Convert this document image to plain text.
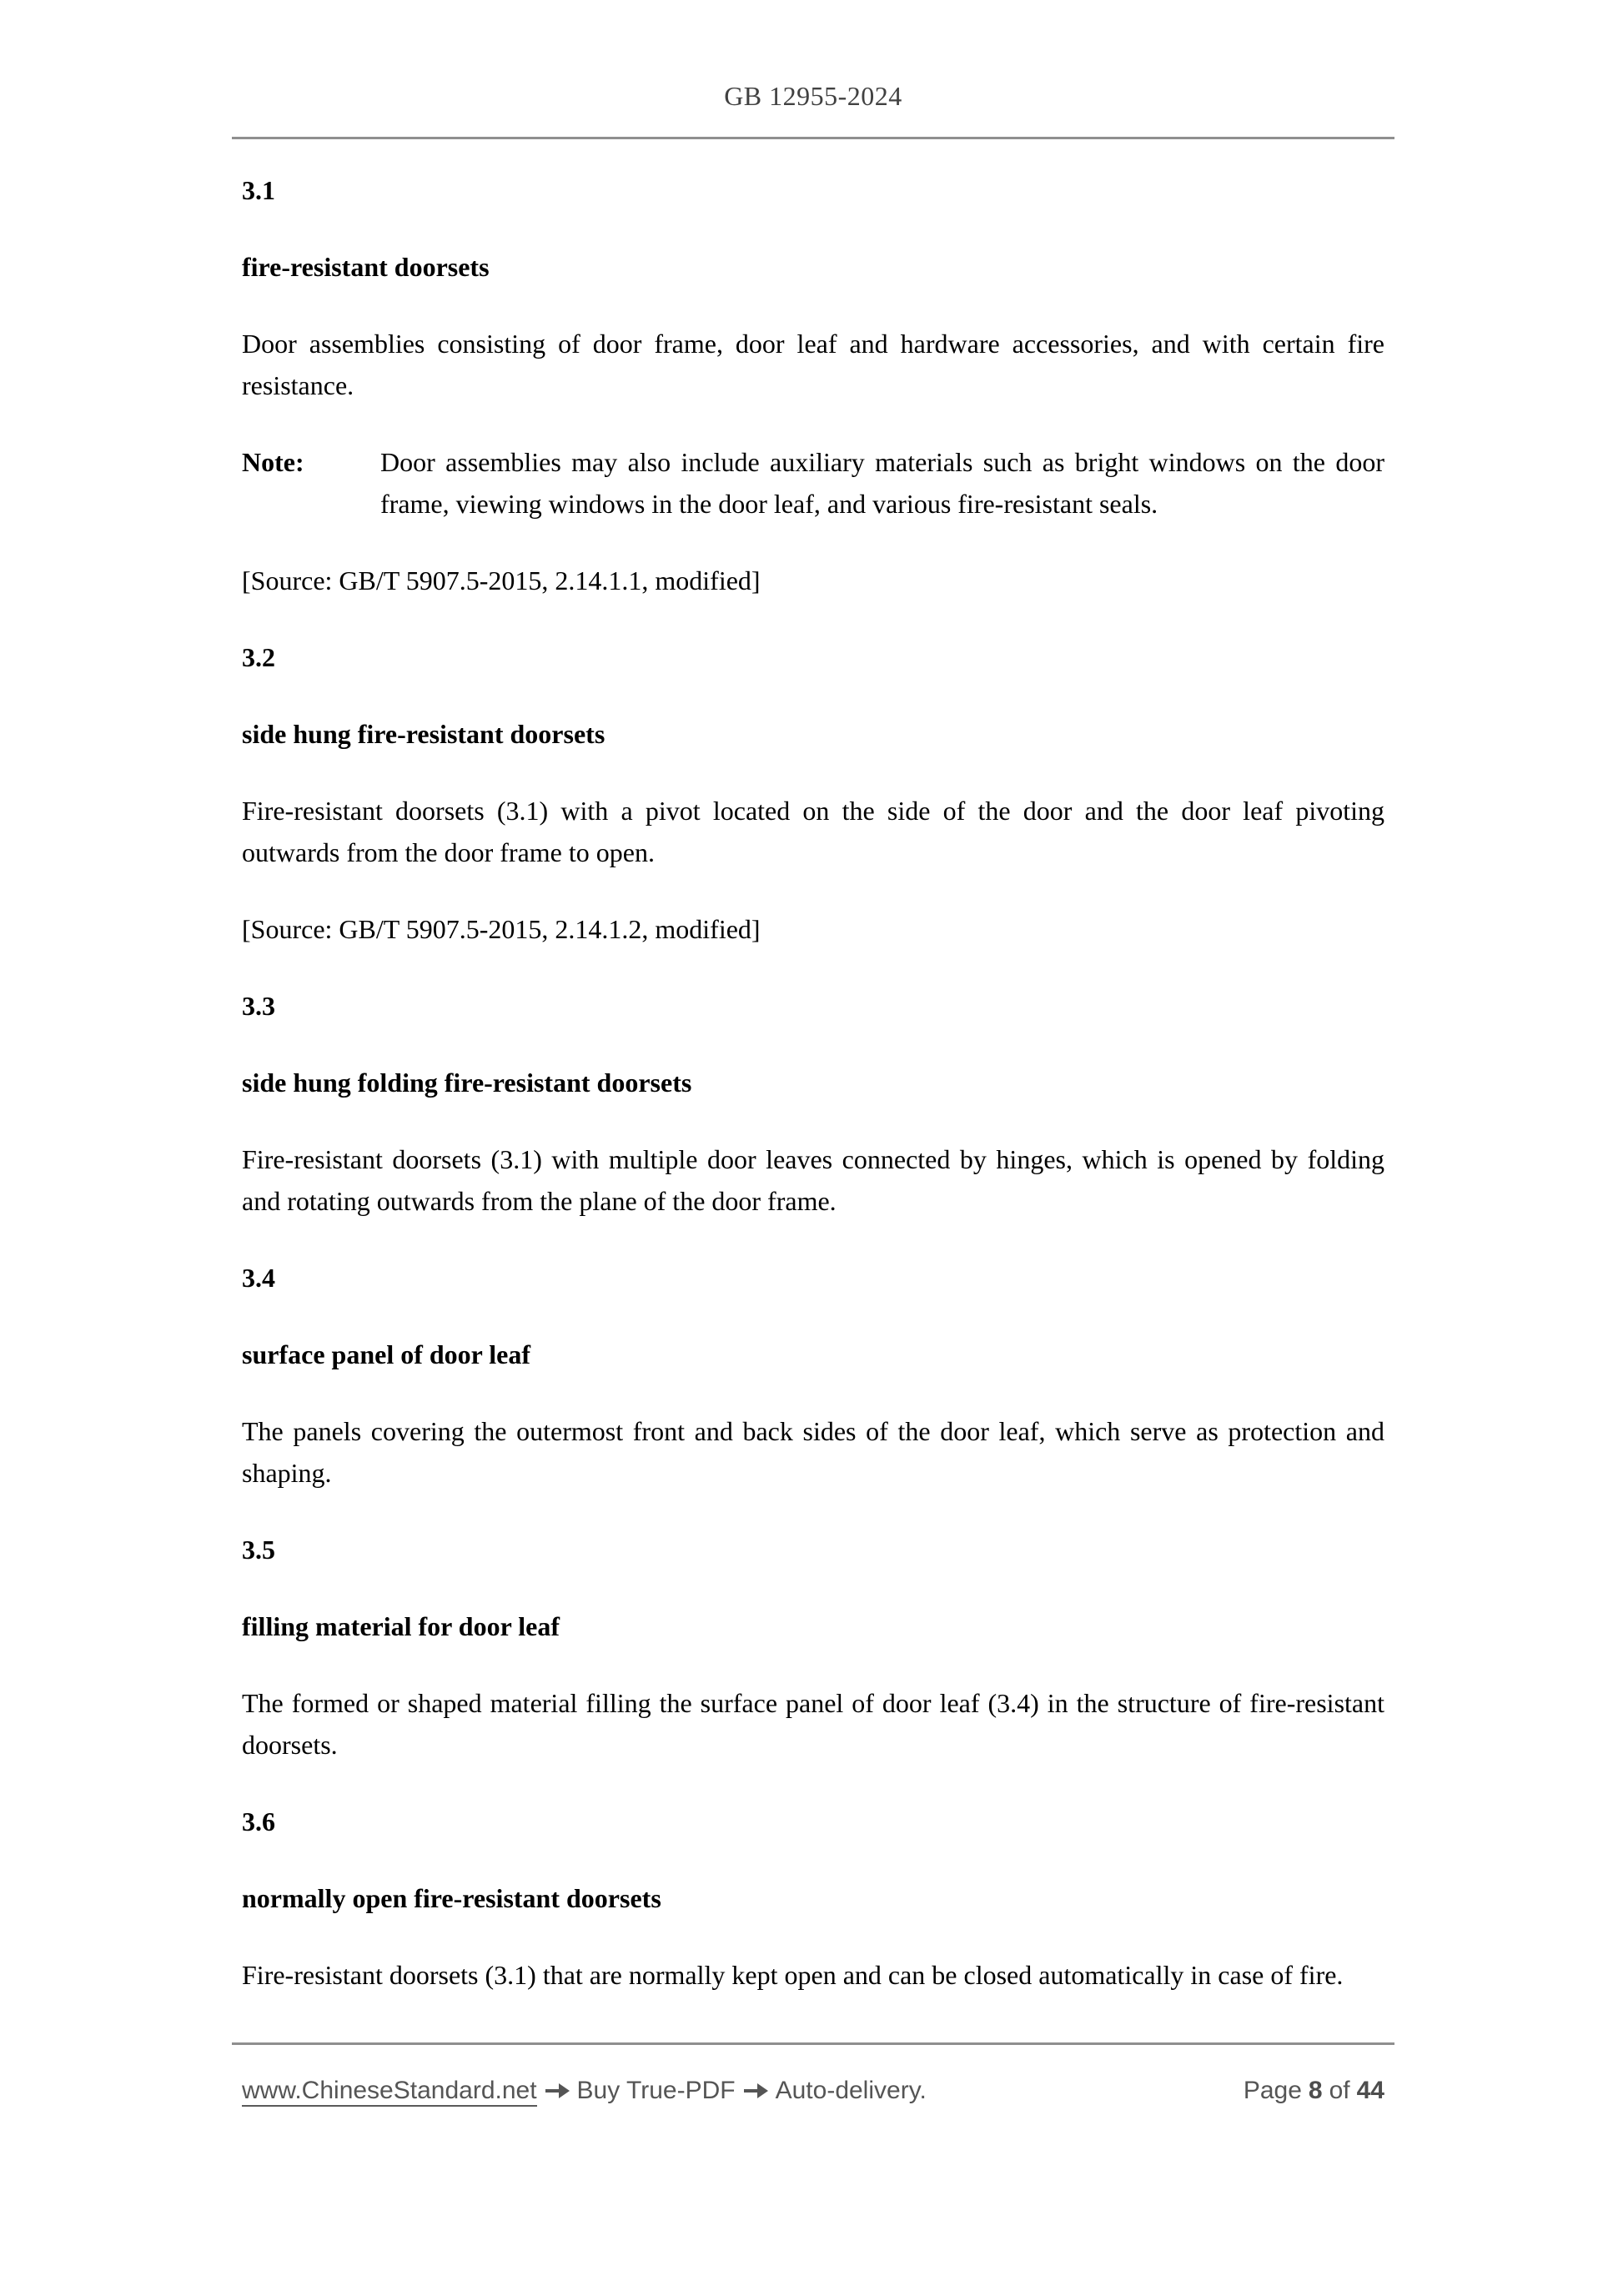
GB 12955-2024
3.1
fire-resistant doorsets
Door assemblies consisting of door frame, door leaf and hardware accessories, and with certain fire resistance.
Note:	Door assemblies may also include auxiliary materials such as bright windows on the door frame, viewing windows in the door leaf, and various fire-resistant seals.
[Source: GB/T 5907.5-2015, 2.14.1.1, modified]
3.2
side hung fire-resistant doorsets
Fire-resistant doorsets (3.1) with a pivot located on the side of the door and the door leaf pivoting outwards from the door frame to open.
[Source: GB/T 5907.5-2015, 2.14.1.2, modified]
3.3
side hung folding fire-resistant doorsets
Fire-resistant doorsets (3.1) with multiple door leaves connected by hinges, which is opened by folding and rotating outwards from the plane of the door frame.
3.4
surface panel of door leaf
The panels covering the outermost front and back sides of the door leaf, which serve as protection and shaping.
3.5
filling material for door leaf
The formed or shaped material filling the surface panel of door leaf (3.4) in the structure of fire-resistant doorsets.
3.6
normally open fire-resistant doorsets
Fire-resistant doorsets (3.1) that are normally kept open and can be closed automatically in case of fire.
www.ChineseStandard.net Buy True-PDF Auto-delivery.	Page 8 of 44
